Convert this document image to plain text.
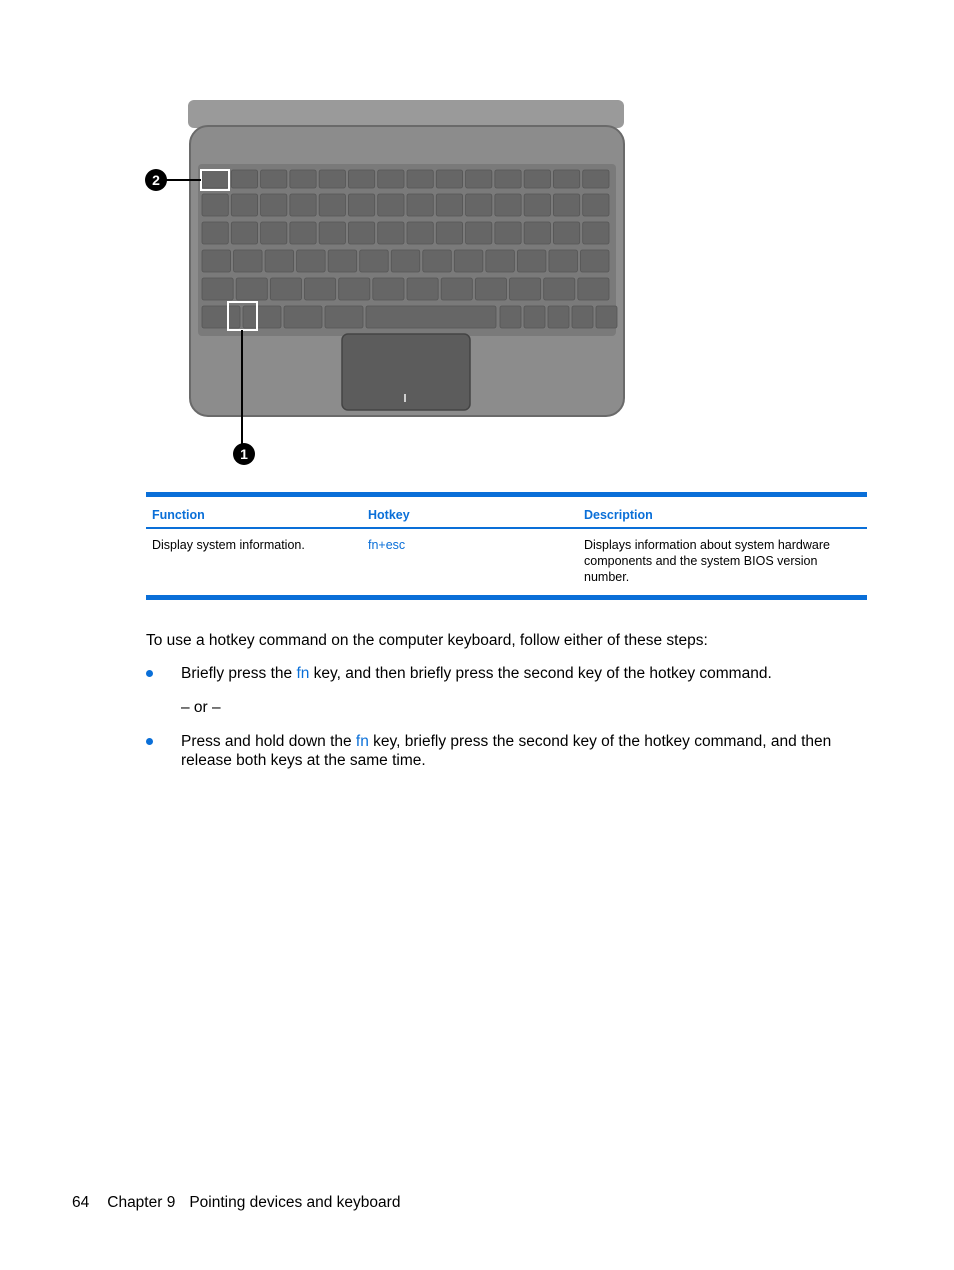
2
1
Function	Hotkey	Description
Display system information.	fn+esc	Displays information about system hardware components and the system BIOS version number.
To use a hotkey command on the computer keyboard, follow either of these steps:
Briefly press the fn key, and then briefly press the second key of the hotkey command.
– or –
Press and hold down the fn key, briefly press the second key of the hotkey command, and then release both keys at the same time.
64 Chapter 9 Pointing devices and keyboard
